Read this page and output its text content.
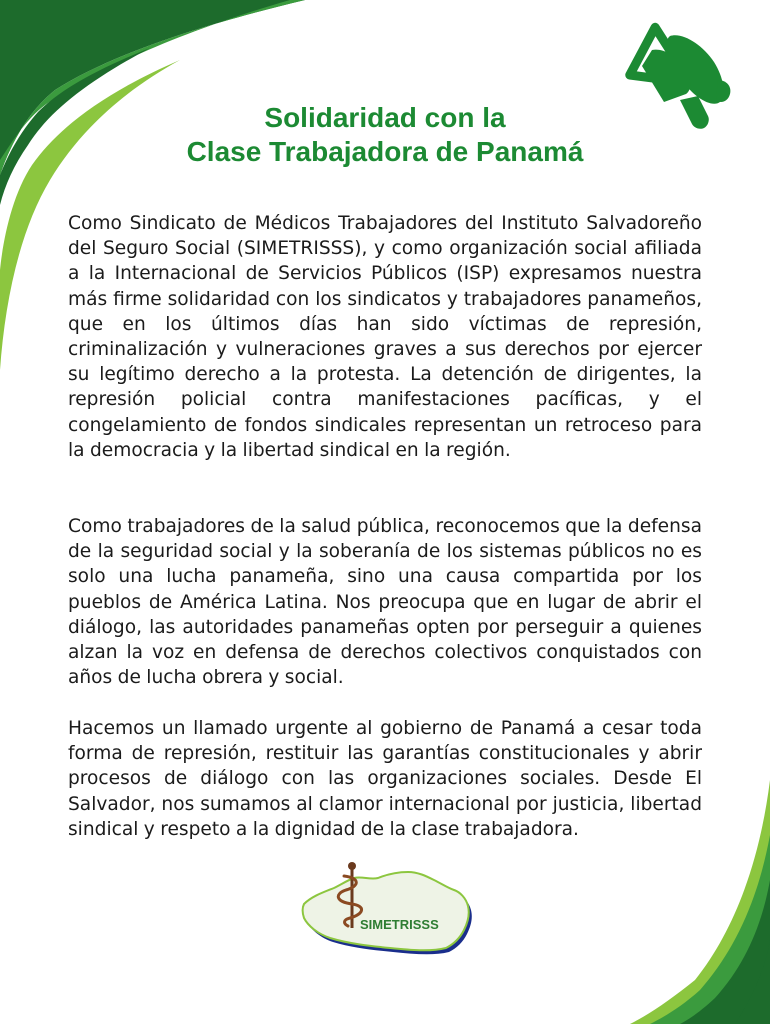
Solidaridad con la
Clase Trabajadora de Panamá

Como Sindicato de Médicos Trabajadores del Instituto Salvadoreño del Seguro Social (SIMETRISSS), y como organización social afiliada a la Internacional de Servicios Públicos (ISP) expresamos nuestra más firme solidaridad con los sindicatos y trabajadores panameños, que en los últimos días han sido víctimas de represión, criminalización y vulneraciones graves a sus derechos por ejercer su legítimo derecho a la protesta. La detención de dirigentes, la represión policial contra manifestaciones pacíficas, y el congelamiento de fondos sindicales representan un retroceso para la democracia y la libertad sindical en la región.

Como trabajadores de la salud pública, reconocemos que la defensa de la seguridad social y la soberanía de los sistemas públicos no es solo una lucha panameña, sino una causa compartida por los pueblos de América Latina. Nos preocupa que en lugar de abrir el diálogo, las autoridades panameñas opten por perseguir a quienes alzan la voz en defensa de derechos colectivos conquistados con años de lucha obrera y social.

Hacemos un llamado urgente al gobierno de Panamá a cesar toda forma de represión, restituir las garantías constitucionales y abrir procesos de diálogo con las organizaciones sociales. Desde El Salvador, nos sumamos al clamor internacional por justicia, libertad sindical y respeto a la dignidad de la clase trabajadora.

SIMETRISSS
